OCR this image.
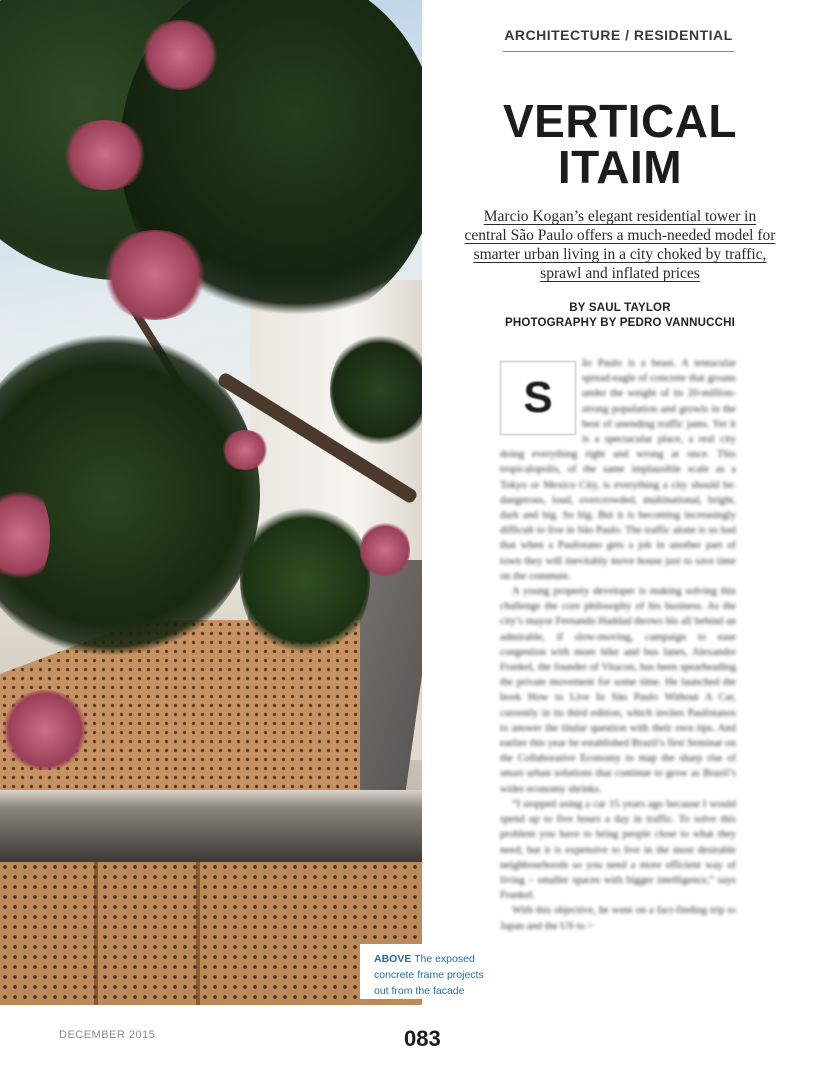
ABOVE The exposed concrete frame projects out from the facade
ARCHITECTURE / RESIDENTIAL
VERTICAL
ITAIM
Marcio Kogan’s elegant residential tower in
central São Paulo offers a much-needed model for
smarter urban living in a city choked by traffic,
sprawl and inflated prices
BY SAUL TAYLOR
PHOTOGRAPHY BY PEDRO VANNUCCHI

ão Paulo is a beast. A tentacular spread-eagle of concrete that groans under the weight of its 20-million-strong population and growls in the heat of unending traffic jams. Yet it is a spectacular place, a real city doing everything right and wrong at once. This tropicalopolis, of the same implausible scale as a Tokyo or Mexico City, is everything a city should be: dangerous, loud, overcrowded, multinational, bright, dark and big. So big. But it is becoming increasingly difficult to live in São Paulo. The traffic alone is so bad that when a Paulistano gets a job in another part of town they will inevitably move house just to save time on the commute.

A young property developer is making solving this challenge the core philosophy of his business. As the city’s mayor Fernando Haddad throws his all behind an admirable, if slow-moving, campaign to ease congestion with more bike and bus lanes, Alexandre Frankel, the founder of Vitacon, has been spearheading the private movement for some time. He launched the book How to Live In São Paulo Without A Car, currently in its third edition, which invites Paulistanos to answer the titular question with their own tips. And earlier this year he established Brazil’s first Seminar on the Collaborative Economy to map the sharp rise of smart urban solutions that continue to grow as Brazil’s wider economy shrinks.

“I stopped using a car 15 years ago because I would spend up to five hours a day in traffic. To solve this problem you have to bring people close to what they need; but it is expensive to live in the most desirable neighbourhoods so you need a more efficient way of living – smaller spaces with bigger intelligence,” says Frankel.

With this objective, he went on a fact-finding trip to Japan and the US to >

S
DECEMBER 2015	083
